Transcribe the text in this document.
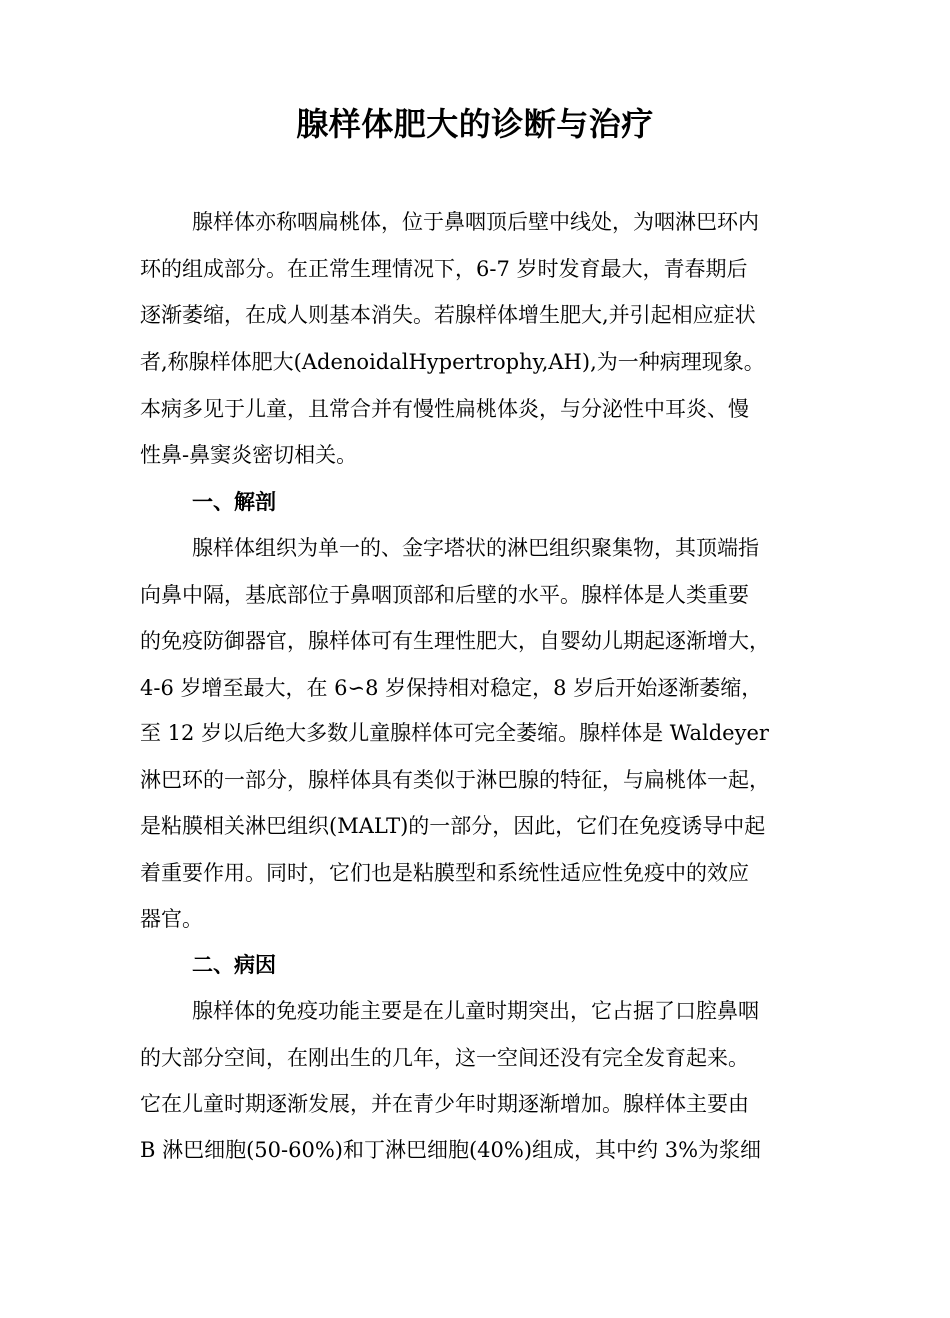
腺样体肥大的诊断与治疗

腺样体亦称咽扁桃体，位于鼻咽顶后壁中线处，为咽淋巴环内

环的组成部分。在正常生理情况下，6-7 岁时发育最大，青春期后

逐渐萎缩，在成人则基本消失。若腺样体增生肥大,并引起相应症状

者,称腺样体肥大(AdenoidalHypertrophy,AH),为一种病理现象。

本病多见于儿童，且常合并有慢性扁桃体炎，与分泌性中耳炎、慢

性鼻-鼻窦炎密切相关。

一、解剖

腺样体组织为单一的、金字塔状的淋巴组织聚集物，其顶端指

向鼻中隔，基底部位于鼻咽顶部和后壁的水平。腺样体是人类重要

的免疫防御器官，腺样体可有生理性肥大，自婴幼儿期起逐渐增大，

4-6 岁增至最大，在 6∽8 岁保持相对稳定，8 岁后开始逐渐萎缩，

至 12 岁以后绝大多数儿童腺样体可完全萎缩。腺样体是 Waldeyer

淋巴环的一部分，腺样体具有类似于淋巴腺的特征，与扁桃体一起，

是粘膜相关淋巴组织(MALT)的一部分，因此，它们在免疫诱导中起

着重要作用。同时，它们也是粘膜型和系统性适应性免疫中的效应

器官。

二、病因

腺样体的免疫功能主要是在儿童时期突出，它占据了口腔鼻咽

的大部分空间，在刚出生的几年，这一空间还没有完全发育起来。

它在儿童时期逐渐发展，并在青少年时期逐渐增加。腺样体主要由

B 淋巴细胞(50-60%)和丁淋巴细胞(40%)组成，其中约 3%为浆细
